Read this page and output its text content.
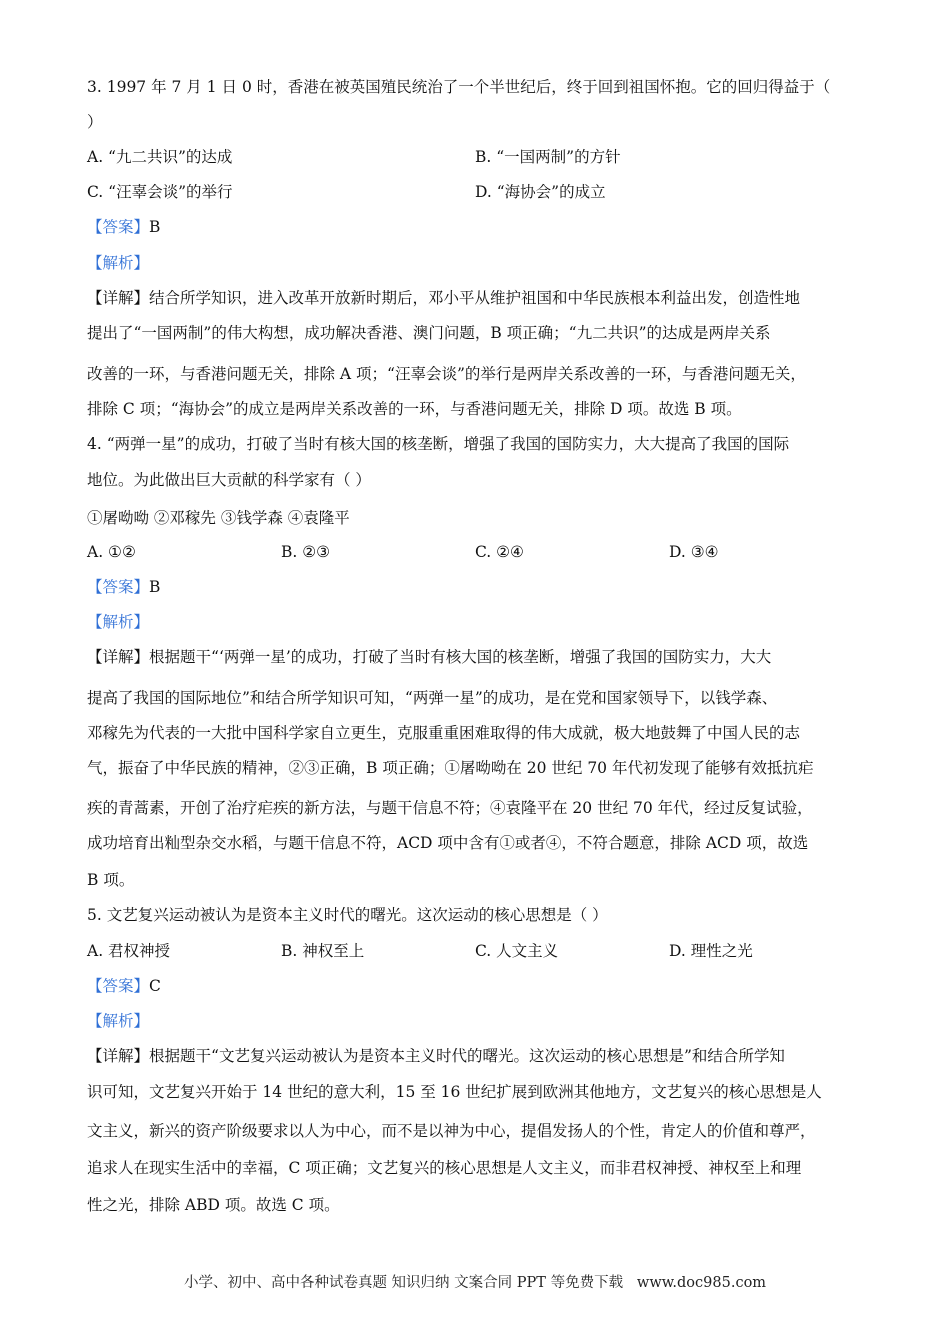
3. 1997 年 7 月 1 日 0 时，香港在被英国殖民统治了一个半世纪后，终于回到祖国怀抱。它的回归得益于（
）
A. “九二共识”的达成	B. “一国两制”的方针
C. “汪辜会谈”的举行	D. “海协会”的成立
【答案】B
【解析】
【详解】结合所学知识，进入改革开放新时期后，邓小平从维护祖国和中华民族根本利益出发，创造性地
提出了“一国两制”的伟大构想，成功解决香港、澳门问题，B 项正确；“九二共识”的达成是两岸关系
改善的一环，与香港问题无关，排除 A 项；“汪辜会谈”的举行是两岸关系改善的一环，与香港问题无关，
排除 C 项；“海协会”的成立是两岸关系改善的一环，与香港问题无关，排除 D 项。故选 B 项。
4. “两弹一星”的成功，打破了当时有核大国的核垄断，增强了我国的国防实力，大大提高了我国的国际
地位。为此做出巨大贡献的科学家有（ ）
①屠呦呦 ②邓稼先 ③钱学森 ④袁隆平
A. ①②	B. ②③	C. ②④	D. ③④
【答案】B
【解析】
【详解】根据题干“‘两弹一星’的成功，打破了当时有核大国的核垄断，增强了我国的国防实力，大大
提高了我国的国际地位”和结合所学知识可知，“两弹一星”的成功，是在党和国家领导下，以钱学森、
邓稼先为代表的一大批中国科学家自立更生，克服重重困难取得的伟大成就，极大地鼓舞了中国人民的志
气，振奋了中华民族的精神，②③正确，B 项正确；①屠呦呦在 20 世纪 70 年代初发现了能够有效抵抗疟
疾的青蒿素，开创了治疗疟疾的新方法，与题干信息不符；④袁隆平在 20 世纪 70 年代，经过反复试验，
成功培育出籼型杂交水稻，与题干信息不符，ACD 项中含有①或者④，不符合题意，排除 ACD 项，故选
B 项。
5. 文艺复兴运动被认为是资本主义时代的曙光。这次运动的核心思想是（ ）
A. 君权神授	B. 神权至上	C. 人文主义	D. 理性之光
【答案】C
【解析】
【详解】根据题干“文艺复兴运动被认为是资本主义时代的曙光。这次运动的核心思想是”和结合所学知
识可知，文艺复兴开始于 14 世纪的意大利，15 至 16 世纪扩展到欧洲其他地方，文艺复兴的核心思想是人
文主义，新兴的资产阶级要求以人为中心，而不是以神为中心，提倡发扬人的个性，肯定人的价值和尊严，
追求人在现实生活中的幸福，C 项正确；文艺复兴的核心思想是人文主义，而非君权神授、神权至上和理
性之光，排除 ABD 项。故选 C 项。
小学、初中、高中各种试卷真题 知识归纳 文案合同 PPT 等免费下载 www.doc985.com
